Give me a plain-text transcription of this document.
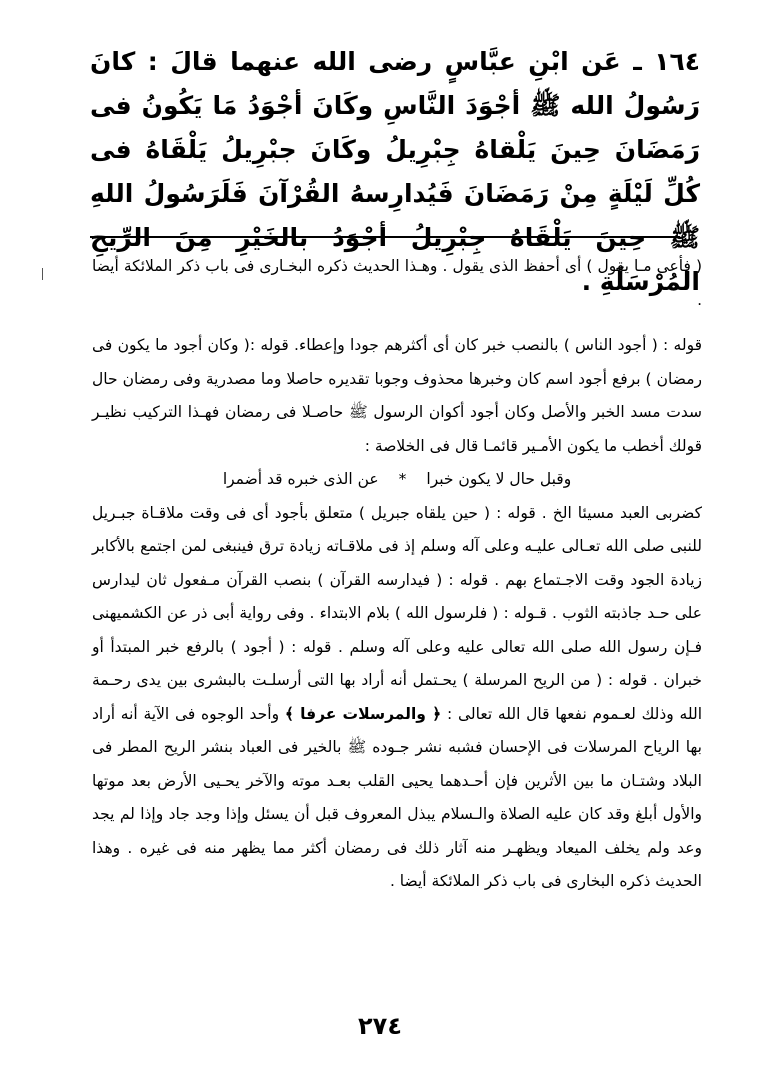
١٦٤ ـ عَن ابْنِ عبَّاسٍ رضى الله عنهما قالَ : كانَ رَسُولُ الله ﷺ أجْوَدَ النَّاسِ وكَانَ أجْوَدُ مَا يَكُونُ فى رَمَضَانَ حِينَ يَلْقاهُ جِبْرِيلُ وكَانَ جبْرِيلُ يَلْقَاهُ فى كُلِّ لَيْلَةٍ مِنْ رَمَضَانَ فَيُدارِسهُ القُرْآنَ فَلَرَسُولُ اللهِ ﷺ حِينَ يَلْقَاهُ جِبْرِيلُ أجْوَدُ بالخَيْرِ مِنَ الرِّيحِ المُرْسَلَةِ .

( فأعى مـا يقول ) أى أحفظ الذى يقول . وهـذا الحديث ذكره البخـارى فى باب ذكر الملائكة أيضا .

قوله : ( أجود الناس ) بالنصب خبر كان أى أكثرهم جودا وإعطاء. قوله :( وكان أجود ما يكون فى رمضان ) برفع أجود اسم كان وخبرها محذوف وجوبا تقديره حاصلا وما مصدرية وفى رمضان حال سدت مسد الخبر والأصل وكان أجود أكوان الرسول ﷺ حاصـلا فى رمضان فهـذا التركيب نظيـر قولك أخطب ما يكون الأمـير قائمـا قال فى الخلاصة :

وقبل حال لا يكون خبرا
*
عن الذى خبره قد أضمرا

كضربى العبد مسيئا الخ . قوله : ( حين يلقاه جبريل ) متعلق بأجود أى فى وقت ملاقـاة جبـريل للنبى صلى الله تعـالى عليـه وعلى آله وسلم إذ فى ملاقـاته زيادة ترق فينبغى لمن اجتمع بالأكابر زيادة الجود وقت الاجـتماع بهم . قوله : ( فيدارسه القرآن ) بنصب القرآن مـفعول ثان ليدارس على حـد جاذبته الثوب . قـوله : ( فلرسول الله ) بلام الابتداء . وفى رواية أبى ذر عن الكشميهنى فـإن رسول الله صلى الله تعالى عليه وعلى آله وسلم . قوله : ( أجود ) بالرفع خبر المبتدأ أو خبران . قوله : ( من الريح المرسلة ) يحـتمل أنه أراد بها التى أرسلـت بالبشرى بين يدى رحـمة الله وذلك لعـموم نفعها قال الله تعالى : ﴿ والمرسلات عرفا ﴾ وأحد الوجوه فى الآية أنه أراد بها الرياح المرسلات فى الإحسان فشبه نشر جـوده ﷺ بالخير فى العباد بنشر الريح المطر فى البلاد وشتـان ما بين الأثرين فإن أحـدهما يحيى القلب بعـد موته والآخر يحـيى الأرض بعد موتها والأول أبلغ وقد كان عليه الصلاة والـسلام يبذل المعروف قبل أن يسئل وإذا وجد جاد وإذا لم يجد وعد ولم يخلف الميعاد ويظهـر منه آثار ذلك فى رمضان أكثر مما يظهر منه فى غيره . وهذا الحديث ذكره البخارى فى باب ذكر الملائكة أيضا .

٢٧٤
